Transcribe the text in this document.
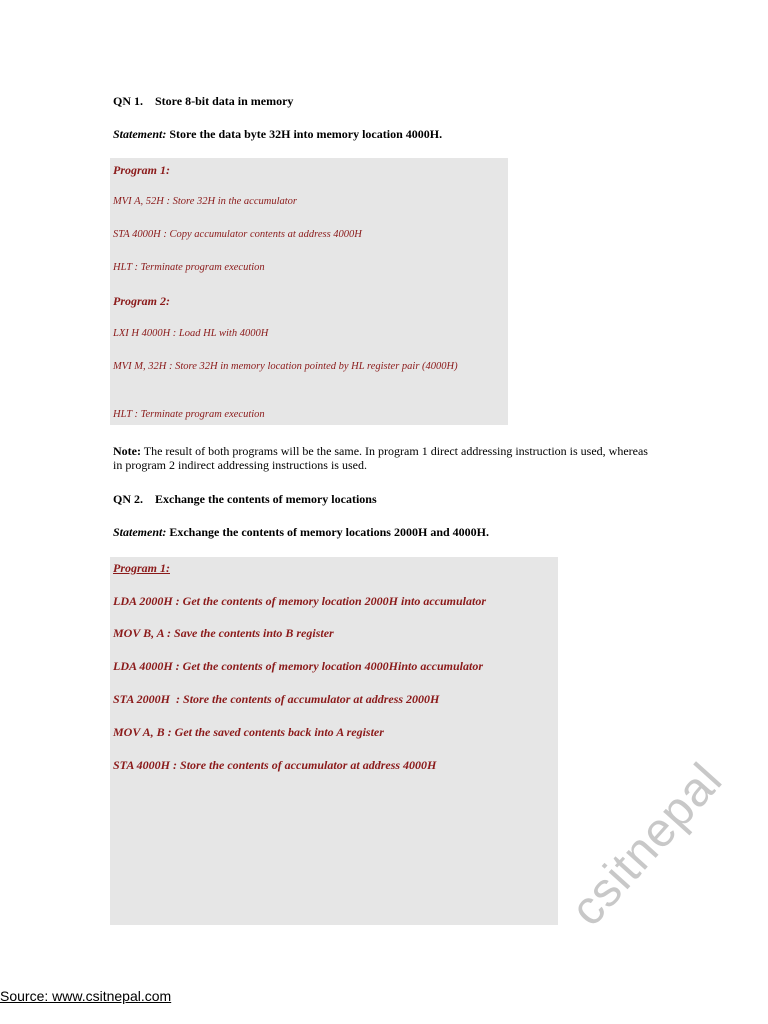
QN 1.    Store 8-bit data in memory
Statement: Store the data byte 32H into memory location 4000H.
Program 1:
MVI A, 52H : Store 32H in the accumulator
STA 4000H : Copy accumulator contents at address 4000H
HLT : Terminate program execution
Program 2:
LXI H 4000H : Load HL with 4000H
MVI M, 32H : Store 32H in memory location pointed by HL register pair (4000H)
HLT : Terminate program execution
Note: The result of both programs will be the same. In program 1 direct addressing instruction is used, whereas in program 2 indirect addressing instructions is used.
QN 2.    Exchange the contents of memory locations
Statement: Exchange the contents of memory locations 2000H and 4000H.
Program 1:
LDA 2000H : Get the contents of memory location 2000H into accumulator
MOV B, A : Save the contents into B register
LDA 4000H : Get the contents of memory location 4000Hinto accumulator
STA 2000H  : Store the contents of accumulator at address 2000H
MOV A, B : Get the saved contents back into A register
STA 4000H : Store the contents of accumulator at address 4000H
Source: www.csitnepal.com
csitnepal
